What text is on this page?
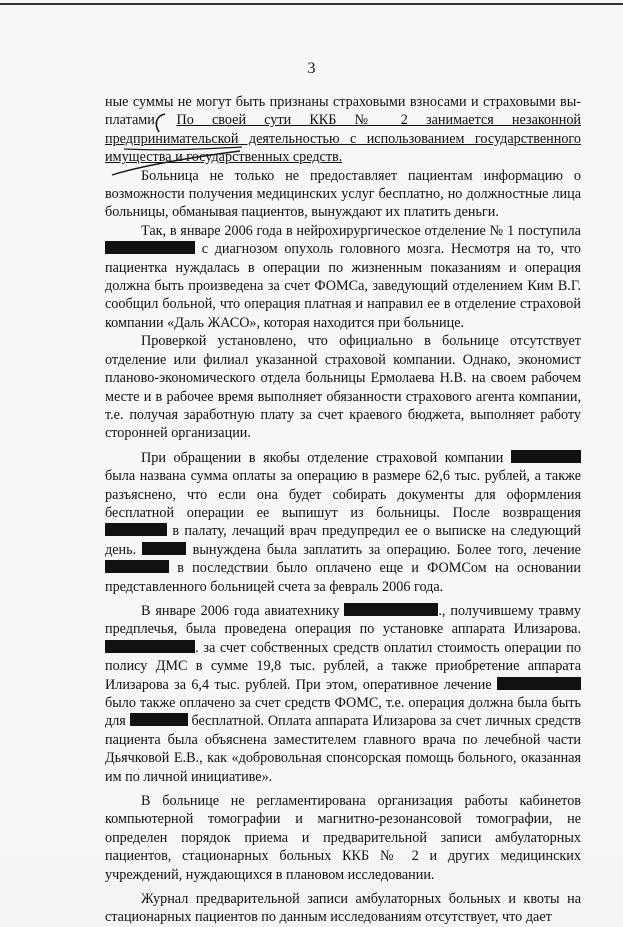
3

ные суммы не могут быть признаны страховыми взносами и страховыми вы-платами. По своей сути ККБ № 2 занимается незаконной предпринимательской деятельностью с использованием государственного имущества и государственных средств.

Больница не только не предоставляет пациентам информацию о возможности получения медицинских услуг бесплатно, но должностные лица больницы, обманывая пациентов, вынуждают их платить деньги.

Так, в январе 2006 года в нейрохирургическое отделение № 1 поступила  с диагнозом опухоль головного мозга. Несмотря на то, что пациентка нуждалась в операции по жизненным показаниям и операция должна быть произведена за счет ФОМСа, заведующий отделением Ким В.Г. сообщил больной, что операция платная и направил ее в отделение страховой компании «Даль ЖАСО», которая находится при больнице.

Проверкой установлено, что официально в больнице отсутствует отделение или филиал указанной страховой компании. Однако, экономист планово-экономического отдела больницы Ермолаева Н.В. на своем рабочем месте и в рабочее время выполняет обязанности страхового агента компании, т.е. получая заработную плату за счет краевого бюджета, выполняет работу сторонней организации.

При обращении в якобы отделение страховой компании  была названа сумма оплаты за операцию в размере 62,6 тыс. рублей, а также разъяснено, что если она будет собирать документы для оформления бесплатной операции ее выпишут из больницы. После возвращения  в палату, лечащий врач предупредил ее о выписке на следующий день.	вынуждена была заплатить за операцию. Более того, лечение  в последствии было оплачено еще и ФОМСом на основании представленного больницей счета за февраль 2006 года.

В январе 2006 года авиатехнику	., получившему травму предплечья, была проведена операция по установке аппарата Илизарова. . за счет собственных средств оплатил стоимость операции по полису ДМС в сумме 19,8 тыс. рублей, а также приобретение аппарата Илизарова за 6,4 тыс. рублей. При этом, оперативное лечение  было также оплачено за счет средств ФОМС, т.е. операция должна была быть для	бесплатной. Оплата аппарата Илизарова за счет личных средств пациента была объяснена заместителем главного врача по лечебной части Дьячковой Е.В., как «добровольная спонсорская помощь больного, оказанная им по личной инициативе».

В больнице не регламентирована организация работы кабинетов компьютерной томографии и магнитно-резонансовой томографии, не определен порядок приема и предварительной записи амбулаторных пациентов, стационарных больных ККБ № 2 и других медицинских учреждений, нуждающихся в плановом исследовании.

Журнал предварительной записи амбулаторных больных и квоты на стационарных пациентов по данным исследованиям отсутствует, что дает
